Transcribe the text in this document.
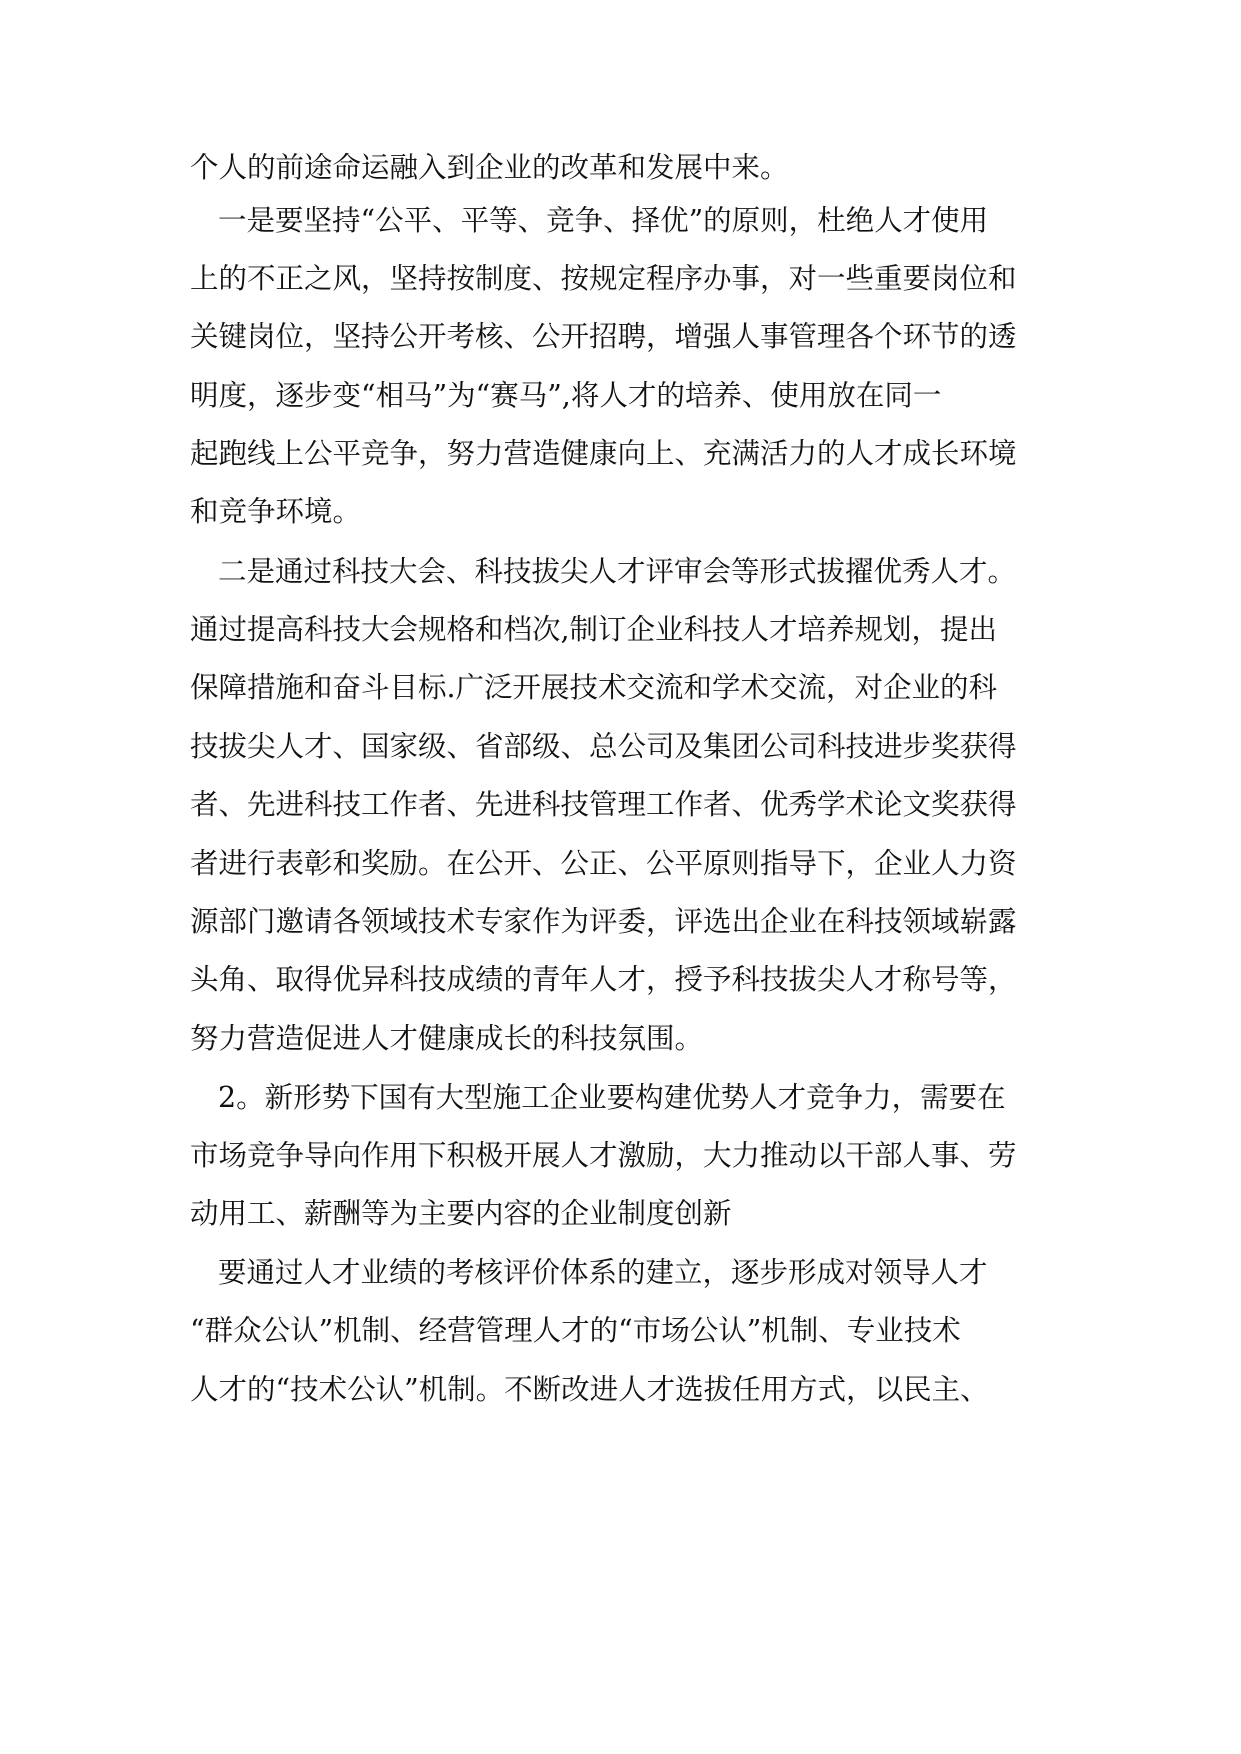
个人的前途命运融入到企业的改革和发展中来。

一是要坚持“公平、平等、竞争、择优”的原则，杜绝人才使用

上的不正之风，坚持按制度、按规定程序办事，对一些重要岗位和

关键岗位，坚持公开考核、公开招聘，增强人事管理各个环节的透

明度，逐步变“相马”为“赛马”,将人才的培养、使用放在同一

起跑线上公平竞争，努力营造健康向上、充满活力的人才成长环境

和竞争环境。

二是通过科技大会、科技拔尖人才评审会等形式拔擢优秀人才。

通过提高科技大会规格和档次,制订企业科技人才培养规划，提出

保障措施和奋斗目标.广泛开展技术交流和学术交流，对企业的科

技拔尖人才、国家级、省部级、总公司及集团公司科技进步奖获得

者、先进科技工作者、先进科技管理工作者、优秀学术论文奖获得

者进行表彰和奖励。在公开、公正、公平原则指导下，企业人力资

源部门邀请各领域技术专家作为评委，评选出企业在科技领域崭露

头角、取得优异科技成绩的青年人才，授予科技拔尖人才称号等，

努力营造促进人才健康成长的科技氛围。

2。新形势下国有大型施工企业要构建优势人才竞争力，需要在

市场竞争导向作用下积极开展人才激励，大力推动以干部人事、劳

动用工、薪酬等为主要内容的企业制度创新

要通过人才业绩的考核评价体系的建立，逐步形成对领导人才

“群众公认”机制、经营管理人才的“市场公认”机制、专业技术

人才的“技术公认”机制。不断改进人才选拔任用方式，以民主、
